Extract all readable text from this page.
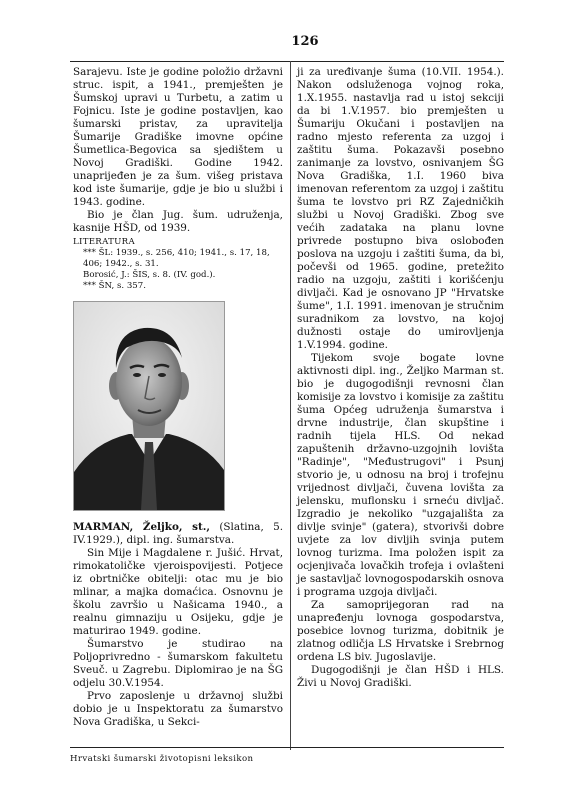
126

Sarajevu. Iste je godine položio državni struc. ispit, a 1941., premješten je Šumskoj upravi u Turbetu, a zatim u Fojnicu. Iste je godine postavljen, kao šumarski pristav, za upravitelja Šumarije Gradiške imovne općine Šumetlica-Begovica sa sjedištem u Novoj Gradiški. Godine 1942. unaprijeđen je za šum. višeg pristava kod iste šumarije, gdje je bio u službi i 1943. godine.

Bio je član Jug. šum. udruženja, kasnije HŠD, od 1939.

LITERATURA
*** ŠL: 1939., s. 256, 410; 1941., s. 17, 18, 406; 1942., s. 31.
Borosić, J.: ŠIS, s. 8. (IV. god.).
*** ŠN, s. 357.

MARMAN, Željko, st., (Slatina, 5. IV.1929.), dipl. ing. šumarstva.

Sin Mije i Magdalene r. Jušić. Hrvat, rimokatoličke vjeroispovijesti. Potjece iz obrtničke obitelji: otac mu je bio mlinar, a majka domaćica. Osnovnu je školu završio u Našicama 1940., a realnu gimnaziju u Osijeku, gdje je maturirao 1949. godine.

Šumarstvo je studirao na Poljoprivredno - šumarskom fakultetu Sveuč. u Zagrebu. Diplomirao je na ŠG odjelu 30.V.1954.

Prvo zaposlenje u državnoj službi dobio je u Inspektoratu za šumarstvo Nova Gradiška, u Sekci-

ji za uređivanje šuma (10.VII. 1954.). Nakon odsluženoga vojnog roka, 1.X.1955. nastavlja rad u istoj sekciji da bi 1.V.1957. bio premješten u Šumariju Okučani i postavljen na radno mjesto referenta za uzgoj i zaštitu šuma. Pokazavši posebno zanimanje za lovstvo, osnivanjem ŠG Nova Gradiška, 1.I. 1960 biva imenovan referentom za uzgoj i zaštitu šuma te lovstvo pri RZ Zajedničkih službi u Novoj Gradiški. Zbog sve većih zadataka na planu lovne privrede postupno biva oslobođen poslova na uzgoju i zaštiti šuma, da bi, počevši od 1965. godine, pretežito radio na uzgoju, zaštiti i korišćenju divljači. Kad je osnovano JP "Hrvatske šume", 1.I. 1991. imenovan je stručnim suradnikom za lovstvo, na kojoj dužnosti ostaje do umirovljenja 1.V.1994. godine.

Tijekom svoje bogate lovne aktivnosti dipl. ing., Željko Marman st. bio je dugogodišnji revnosni član komisije za lovstvo i komisije za zaštitu šuma Općeg udruženja šumarstva i drvne industrije, član skupštine i radnih tijela HLS. Od nekad zapuštenih državno-uzgojnih lovišta "Radinje", "Međustrugovi" i Psunj stvorio je, u odnosu na broj i trofejnu vrijednost divljači, čuvena lovišta za jelensku, muflonsku i srneću divljač. Izgradio je nekoliko "uzgajališta za divlje svinje" (gatera), stvorivši dobre uvjete za lov divljih svinja putem lovnog turizma. Ima položen ispit za ocjenjivača lovačkih trofeja i ovlašteni je sastavljač lovnogospodarskih osnova i programa uzgoja divljači.

Za samoprijegoran rad na unapređenju lovnoga gospodarstva, posebice lovnog turizma, dobitnik je zlatnog odličja LS Hrvatske i Srebrnog ordena LS biv. Jugoslavije.

Dugogodišnji je član HŠD i HLS. Živi u Novoj Gradiški.

Hrvatski šumarski životopisni leksikon
